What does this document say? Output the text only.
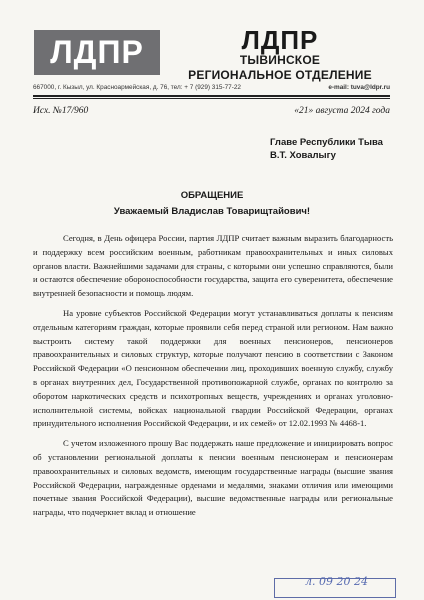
ЛДПР	ЛДПР
ТЫВИНСКОЕ
РЕГИОНАЛЬНОЕ ОТДЕЛЕНИЕ
667000, г. Кызыл, ул. Красноармейская, д. 76, тел: + 7 (929) 315-77-22	e-mail: tuva@ldpr.ru
Исх. №17/960	«21» августа 2024 года
Главе Республики Тыва
В.Т. Ховалыгу
ОБРАЩЕНИЕ
Уважаемый Владислав Товарищтайович!

Сегодня, в День офицера России, партия ЛДПР считает важным выразить благодарность и поддержку всем российским военным, работникам правоохранительных и иных силовых органов власти. Важнейшими задачами для страны, с которыми они успешно справляются, были и остаются обеспечение обороноспособности государства, защита его суверенитета, обеспечение внутренней безопасности и помощь людям.

На уровне субъектов Российской Федерации могут устанавливаться доплаты к пенсиям отдельным категориям граждан, которые проявили себя перед страной или регионом. Нам важно выстроить систему такой поддержки для военных пенсионеров, пенсионеров правоохранительных и силовых структур, которые получают пенсию в соответствии с Законом Российской Федерации «О пенсионном обеспечении лиц, проходивших военную службу, службу в органах внутренних дел, Государственной противопожарной службе, органах по контролю за оборотом наркотических средств и психотропных веществ, учреждениях и органах уголовно-исполнительной системы, войсках национальной гвардии Российской Федерации, органах принудительного исполнения Российской Федерации, и их семей» от 12.02.1993 № 4468-1.

С учетом изложенного прошу Вас поддержать наше предложение и инициировать вопрос об установлении региональной доплаты к пенсии военным пенсионерам и пенсионерам правоохранительных и силовых ведомств, имеющим государственные награды (высшие звания Российской Федерации, награжденные орденами и медалями, знаками отличия или имеющими почетные звания Российской Федерации), высшие ведомственные награды или региональные награды, что подчеркнет вклад и отношение

л. 09 20 24
